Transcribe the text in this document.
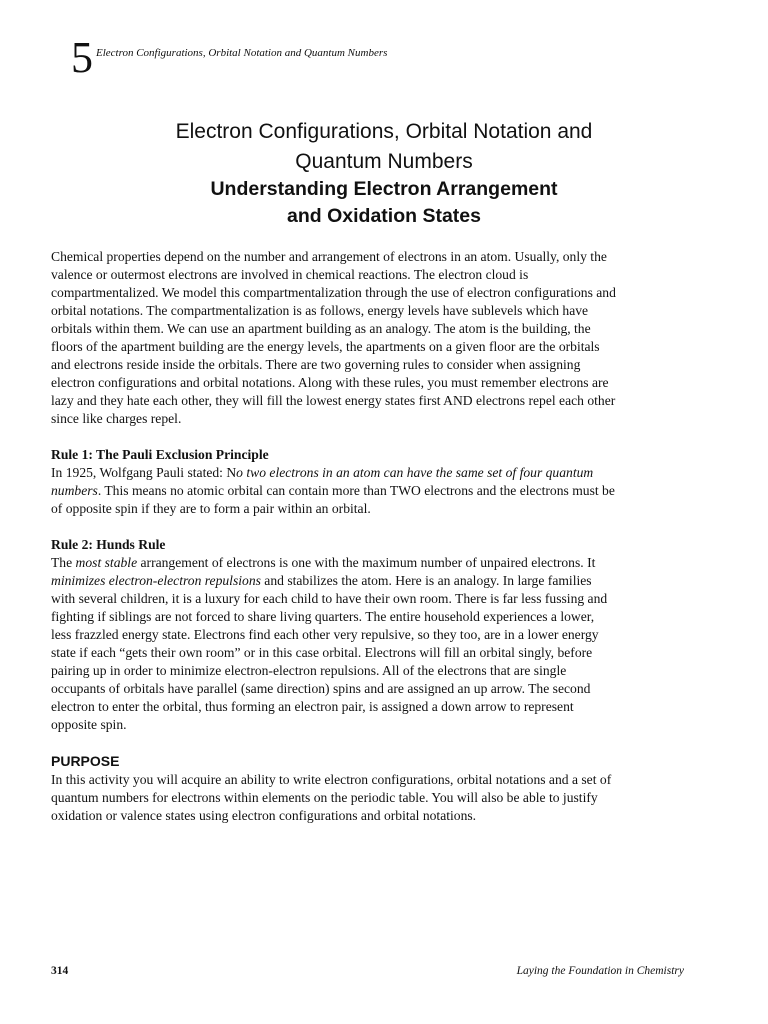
5 Electron Configurations, Orbital Notation and Quantum Numbers
Electron Configurations, Orbital Notation and
Quantum Numbers
Understanding Electron Arrangement
and Oxidation States

Chemical properties depend on the number and arrangement of electrons in an atom. Usually, only the
valence or outermost electrons are involved in chemical reactions. The electron cloud is
compartmentalized. We model this compartmentalization through the use of electron configurations and
orbital notations. The compartmentalization is as follows, energy levels have sublevels which have
orbitals within them. We can use an apartment building as an analogy. The atom is the building, the
floors of the apartment building are the energy levels, the apartments on a given floor are the orbitals
and electrons reside inside the orbitals. There are two governing rules to consider when assigning
electron configurations and orbital notations. Along with these rules, you must remember electrons are
lazy and they hate each other, they will fill the lowest energy states first AND electrons repel each other
since like charges repel.

Rule 1: The Pauli Exclusion Principle
In 1925, Wolfgang Pauli stated: No two electrons in an atom can have the same set of four quantum
numbers. This means no atomic orbital can contain more than TWO electrons and the electrons must be
of opposite spin if they are to form a pair within an orbital.

Rule 2: Hunds Rule
The most stable arrangement of electrons is one with the maximum number of unpaired electrons. It
minimizes electron-electron repulsions and stabilizes the atom. Here is an analogy. In large families
with several children, it is a luxury for each child to have their own room. There is far less fussing and
fighting if siblings are not forced to share living quarters. The entire household experiences a lower,
less frazzled energy state. Electrons find each other very repulsive, so they too, are in a lower energy
state if each “gets their own room” or in this case orbital. Electrons will fill an orbital singly, before
pairing up in order to minimize electron-electron repulsions. All of the electrons that are single
occupants of orbitals have parallel (same direction) spins and are assigned an up arrow. The second
electron to enter the orbital, thus forming an electron pair, is assigned a down arrow to represent
opposite spin.

PURPOSE
In this activity you will acquire an ability to write electron configurations, orbital notations and a set of
quantum numbers for electrons within elements on the periodic table. You will also be able to justify
oxidation or valence states using electron configurations and orbital notations.

314	Laying the Foundation in Chemistry
